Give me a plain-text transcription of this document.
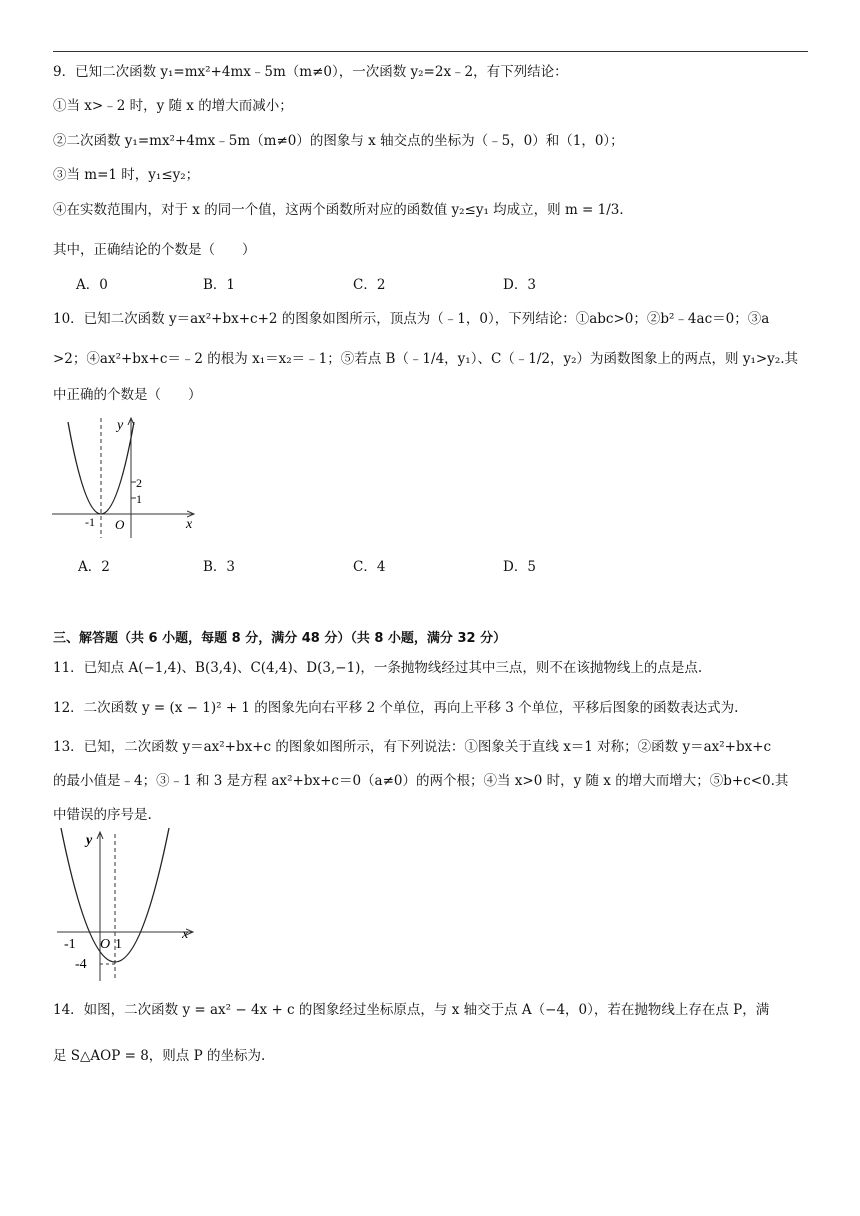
9．已知二次函数 y₁=mx²+4mx﹣5m（m≠0），一次函数 y₂=2x﹣2，有下列结论：
①当 x>﹣2 时，y 随 x 的增大而减小；
②二次函数 y₁=mx²+4mx﹣5m（m≠0）的图象与 x 轴交点的坐标为（﹣5，0）和（1，0）；
③当 m=1 时，y₁≤y₂；
④在实数范围内，对于 x 的同一个值，这两个函数所对应的函数值 y₂≤y₁ 均成立，则 m = 1/3．
其中，正确结论的个数是（　　）
A．0	B．1	C．2	D．3
10．已知二次函数 y＝ax²+bx+c+2 的图象如图所示，顶点为（﹣1，0），下列结论：①abc>0；②b²﹣4ac＝0；③a
>2；④ax²+bx+c＝﹣2 的根为 x₁＝x₂＝﹣1；⑤若点 B（﹣1/4，y₁）、C（﹣1/2，y₂）为函数图象上的两点，则 y₁>y₂.其
中正确的个数是（　　）
y
x
2
1
-1 O
A．2	B．3	C．4	D．5
三、解答题（共 6 小题，每题 8 分，满分 48 分）（共 8 小题，满分 32 分）
11．已知点 A(−1,4)、B(3,4)、C(4,4)、D(3,−1)，一条抛物线经过其中三点，则不在该抛物线上的点是点.
12．二次函数 y = (x − 1)² + 1 的图象先向右平移 2 个单位，再向上平移 3 个单位，平移后图象的函数表达式为.
13．已知，二次函数 y＝ax²+bx+c 的图象如图所示，有下列说法：①图象关于直线 x＝1 对称；②函数 y＝ax²+bx+c
的最小值是﹣4；③﹣1 和 3 是方程 ax²+bx+c＝0（a≠0）的两个根；④当 x>0 时，y 随 x 的增大而增大；⑤b+c<0.其
中错误的序号是.
y
x
-1 O 1
-4
14．如图，二次函数 y = ax² − 4x + c 的图象经过坐标原点，与 x 轴交于点 A（−4，0），若在抛物线上存在点 P，满
足 S△AOP = 8，则点 P 的坐标为.
